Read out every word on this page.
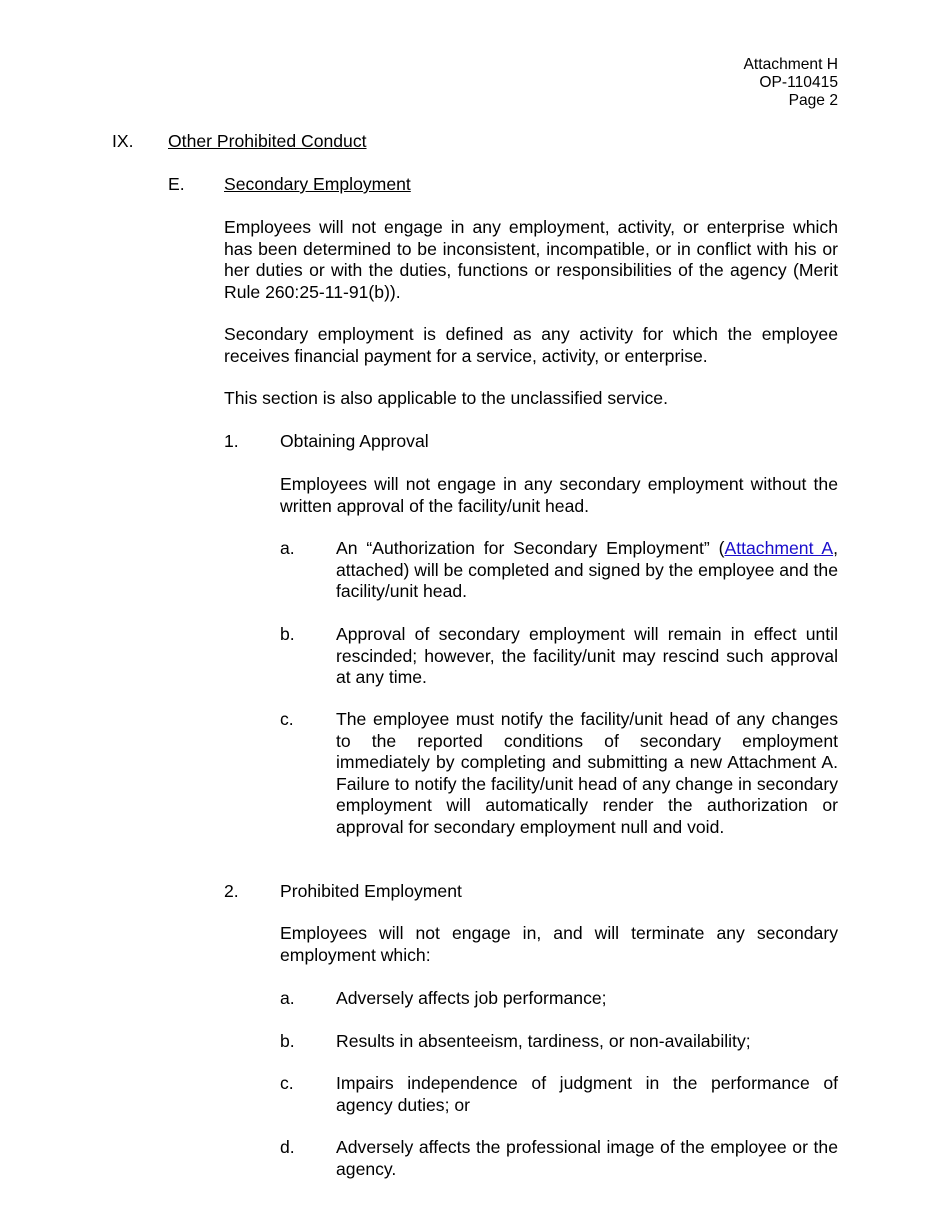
Attachment H
OP-110415
Page 2
IX. Other Prohibited Conduct
E. Secondary Employment
Employees will not engage in any employment, activity, or enterprise which has been determined to be inconsistent, incompatible, or in conflict with his or her duties or with the duties, functions or responsibilities of the agency (Merit Rule 260:25-11-91(b)).
Secondary employment is defined as any activity for which the employee receives financial payment for a service, activity, or enterprise.
This section is also applicable to the unclassified service.
1. Obtaining Approval
Employees will not engage in any secondary employment without the written approval of the facility/unit head.
a. An “Authorization for Secondary Employment” (Attachment A, attached) will be completed and signed by the employee and the facility/unit head.
b. Approval of secondary employment will remain in effect until rescinded; however, the facility/unit may rescind such approval at any time.
c. The employee must notify the facility/unit head of any changes to the reported conditions of secondary employment immediately by completing and submitting a new Attachment A. Failure to notify the facility/unit head of any change in secondary employment will automatically render the authorization or approval for secondary employment null and void.
2. Prohibited Employment
Employees will not engage in, and will terminate any secondary employment which:
a. Adversely affects job performance;
b. Results in absenteeism, tardiness, or non-availability;
c. Impairs independence of judgment in the performance of agency duties; or
d. Adversely affects the professional image of the employee or the agency.
